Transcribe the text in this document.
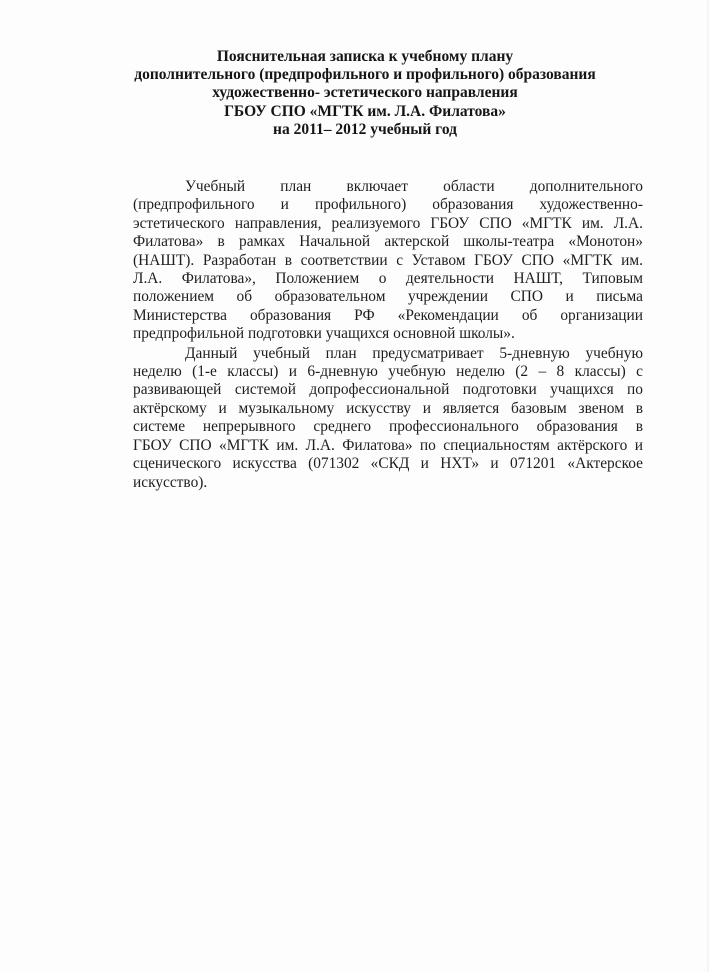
Пояснительная записка к учебному плану
дополнительного (предпрофильного и профильного) образования
художественно- эстетического направления
ГБОУ СПО «МГТК им. Л.А. Филатова»
на 2011– 2012 учебный год

Учебный план включает области дополнительного
(предпрофильного и профильного) образования художественно-
эстетического направления, реализуемого ГБОУ СПО «МГТК им. Л.А.
Филатова» в рамках Начальной актерской школы-театра «Монотон»
(НАШТ). Разработан в соответствии с Уставом ГБОУ СПО «МГТК им.
Л.А. Филатова», Положением о деятельности НАШТ, Типовым
положением об образовательном учреждении СПО и письма
Министерства образования РФ «Рекомендации об организации
предпрофильной подготовки учащихся основной школы».

Данный учебный план предусматривает 5-дневную учебную
неделю (1-е классы) и 6-дневную учебную неделю (2 – 8 классы) с
развивающей системой допрофессиональной подготовки учащихся по
актёрскому и музыкальному искусству и является базовым звеном в
системе непрерывного среднего профессионального образования в
ГБОУ СПО «МГТК им. Л.А. Филатова» по специальностям актёрского и
сценического искусства (071302 «СКД и НХТ» и 071201 «Актерское
искусство).
